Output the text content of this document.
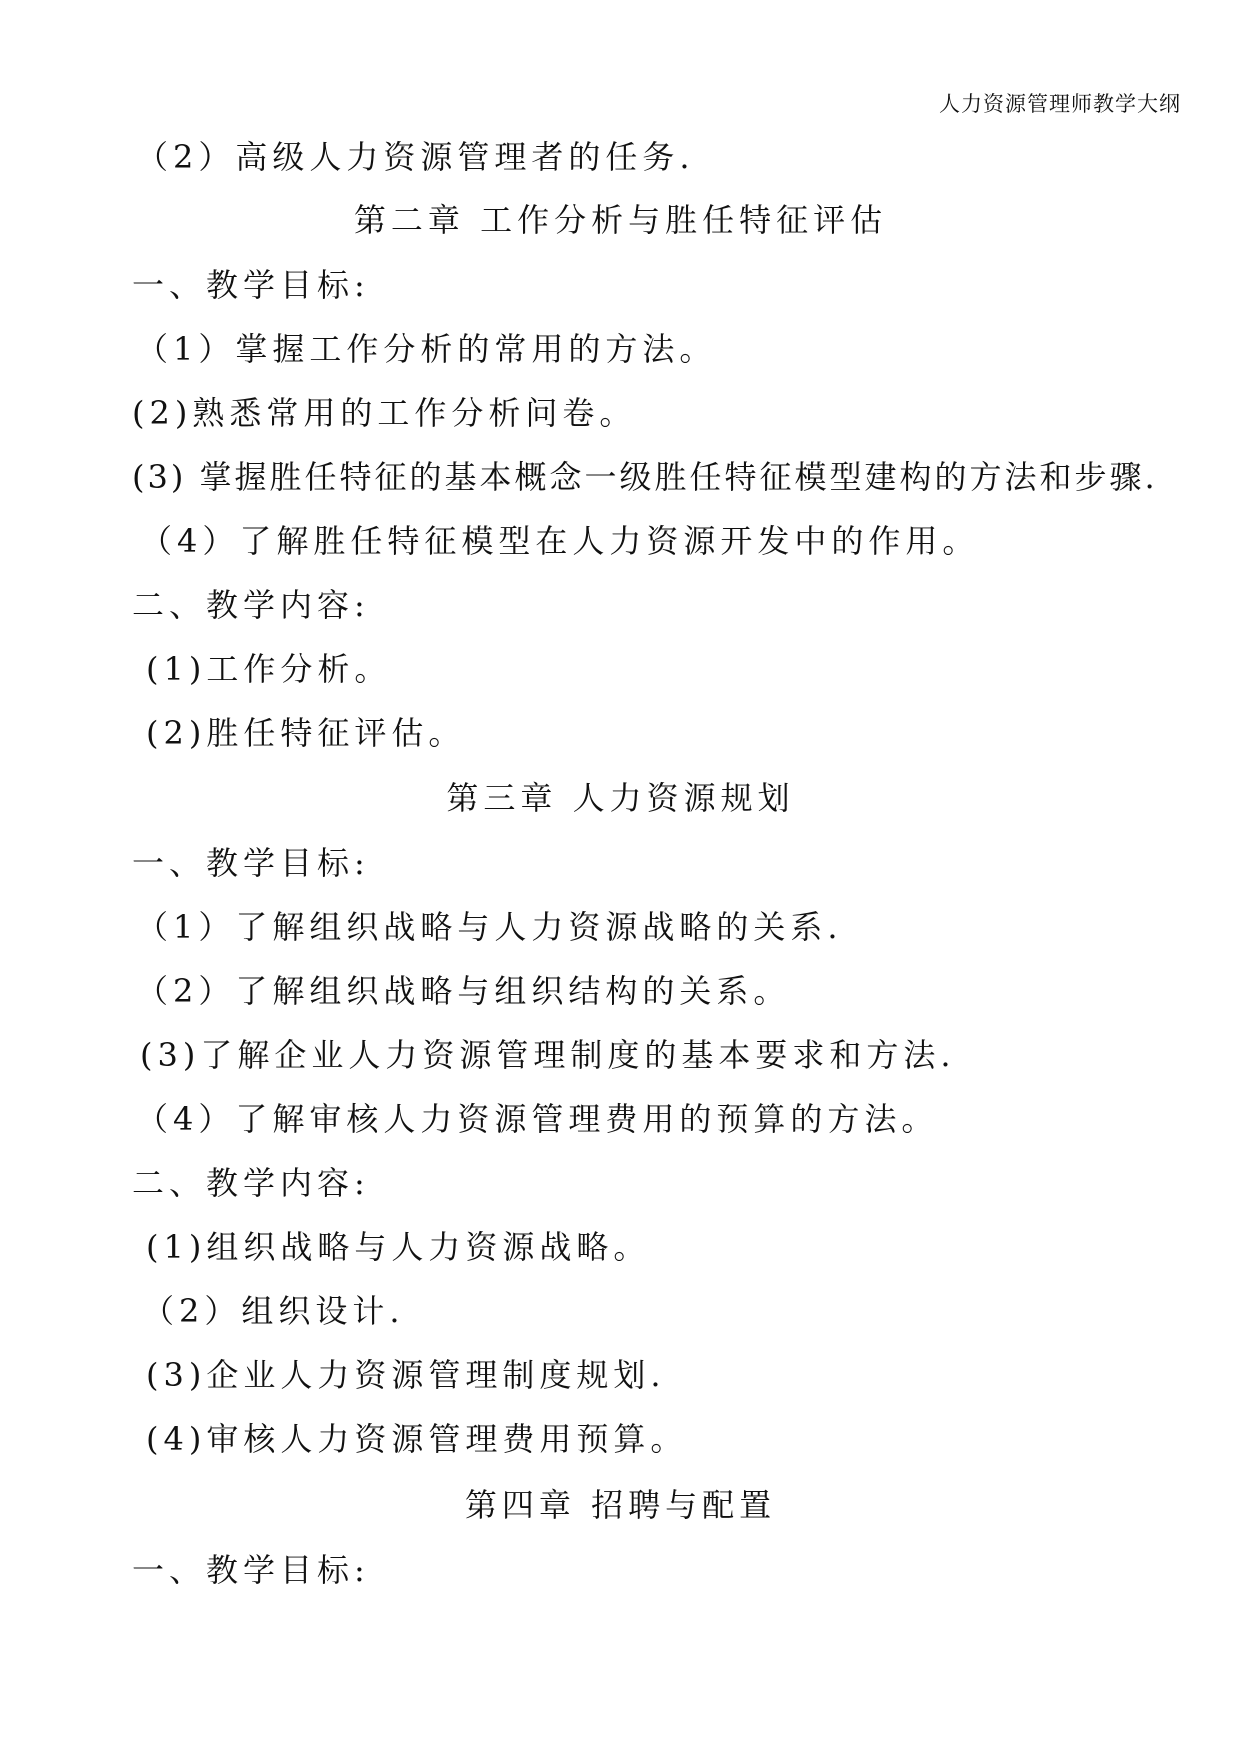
人力资源管理师教学大纲
（2）高级人力资源管理者的任务.
第二章 工作分析与胜任特征评估
一、教学目标:
（1）掌握工作分析的常用的方法。
(2)熟悉常用的工作分析问卷。
(3) 掌握胜任特征的基本概念一级胜任特征模型建构的方法和步骤.
（4）了解胜任特征模型在人力资源开发中的作用。
二、教学内容:
(1)工作分析。
(2)胜任特征评估。
第三章 人力资源规划
一、教学目标:
（1）了解组织战略与人力资源战略的关系.
（2）了解组织战略与组织结构的关系。
(3)了解企业人力资源管理制度的基本要求和方法.
（4）了解审核人力资源管理费用的预算的方法。
二、教学内容:
(1)组织战略与人力资源战略。
（2）组织设计.
(3)企业人力资源管理制度规划.
(4)审核人力资源管理费用预算。
第四章 招聘与配置
一、教学目标:
